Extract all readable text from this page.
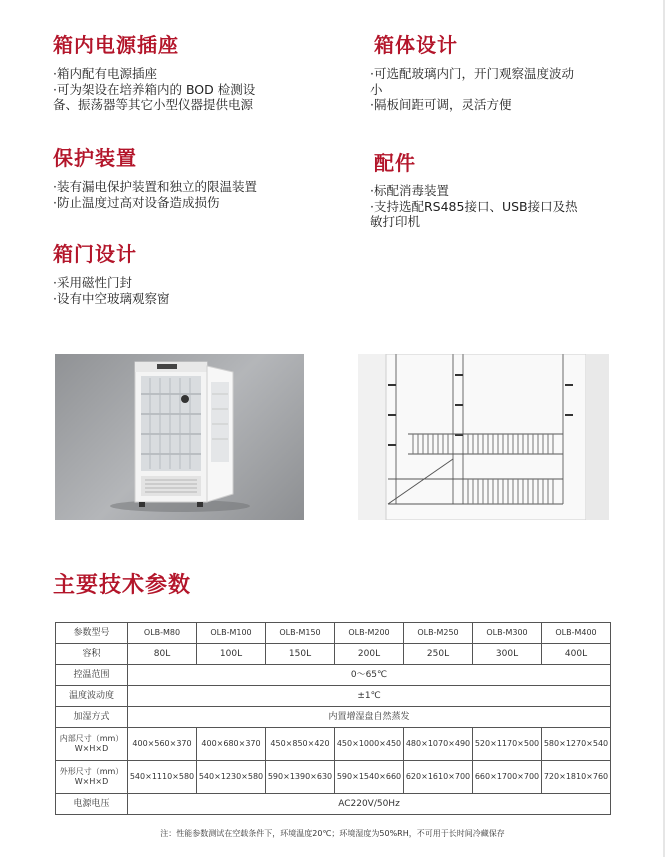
箱内电源插座

·箱内配有电源插座

·可为架设在培养箱内的 BOD 检测设

备、振荡器等其它小型仪器提供电源

箱体设计

·可选配玻璃内门，开门观察温度波动

小

·隔板间距可调，灵活方便

保护装置

·装有漏电保护装置和独立的限温装置

·防止温度过高对设备造成损伤

配件

·标配消毒装置

·支持选配RS485接口、USB接口及热

敏打印机

箱门设计

·采用磁性门封

·设有中空玻璃观察窗

主要技术参数
参数型号	OLB-M80	OLB-M100	OLB-M150	OLB-M200	OLB-M250	OLB-M300	OLB-M400
容积	80L	100L	150L	200L	250L	300L	400L
控温范围	0～65℃						
温度波动度	±1℃						
加湿方式	内置增湿盘自然蒸发						

内部尺寸（mm）
W×H×D	400×560×370	400×680×370	450×850×420	450×1000×450	480×1070×490	520×1170×500	580×1270×540

外形尺寸（mm）
W×H×D	540×1110×580	540×1230×580	590×1390×630	590×1540×660	620×1610×700	660×1700×700	720×1810×760
电源电压	AC220V/50Hz						
注：性能参数测试在空载条件下，环境温度20℃；环境湿度为50%RH，不可用于长时间冷藏保存
